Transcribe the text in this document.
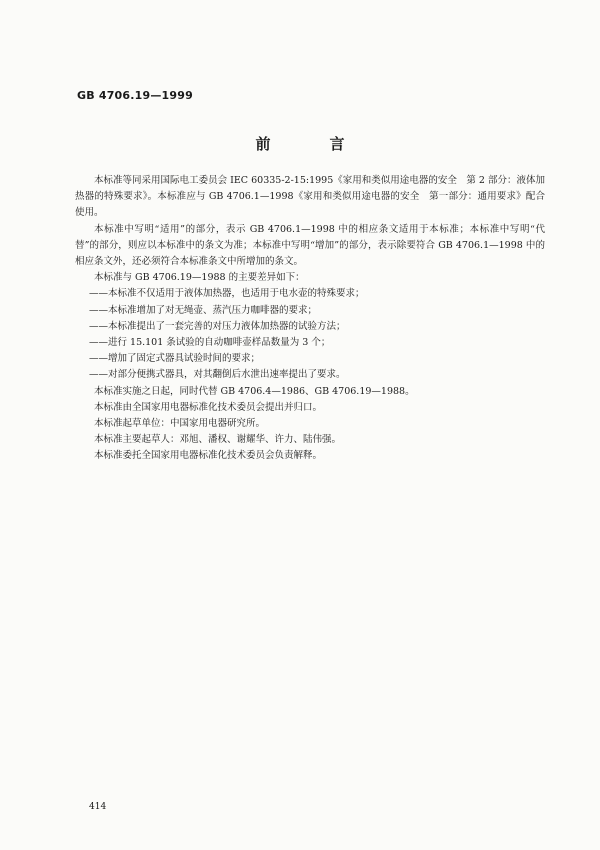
GB 4706.19—1999
前　言

本标准等同采用国际电工委员会 IEC 60335-2-15:1995《家用和类似用途电器的安全　第 2 部分：液体加热器的特殊要求》。本标准应与 GB 4706.1—1998《家用和类似用途电器的安全　第一部分：通用要求》配合使用。

本标准中写明“适用”的部分，表示 GB 4706.1—1998 中的相应条文适用于本标准；本标准中写明“代替”的部分，则应以本标准中的条文为准；本标准中写明“增加”的部分，表示除要符合 GB 4706.1—1998 中的相应条文外，还必须符合本标准条文中所增加的条文。

本标准与 GB 4706.19—1988 的主要差异如下：

——本标准不仅适用于液体加热器，也适用于电水壶的特殊要求；

——本标准增加了对无绳壶、蒸汽压力咖啡器的要求；

——本标准提出了一套完善的对压力液体加热器的试验方法；

——进行 15.101 条试验的自动咖啡壶样品数量为 3 个；

——增加了固定式器具试验时间的要求；

——对部分便携式器具，对其翻倒后水泄出速率提出了要求。

本标准实施之日起，同时代替 GB 4706.4—1986、GB 4706.19—1988。

本标准由全国家用电器标准化技术委员会提出并归口。

本标准起草单位：中国家用电器研究所。

本标准主要起草人：邓旭、潘权、谢耀华、许力、陆伟强。

本标准委托全国家用电器标准化技术委员会负责解释。

414
